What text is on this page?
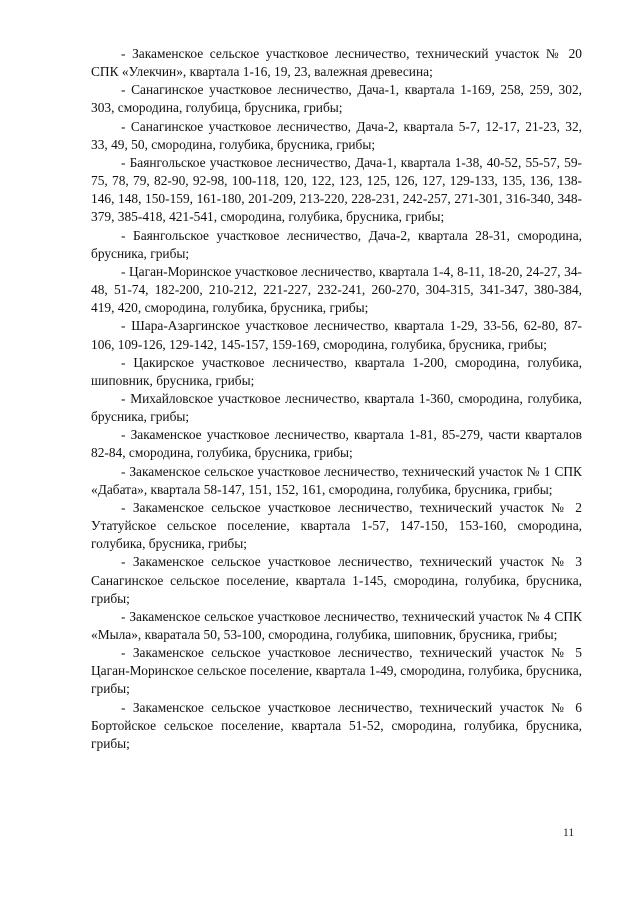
- Закаменское сельское участковое лесничество, технический участок № 20 СПК «Улекчин», квартала 1-16, 19, 23, валежная древесина;

- Санагинское участковое лесничество, Дача-1, квартала 1-169, 258, 259, 302, 303, смородина, голубица, брусника, грибы;

- Санагинское участковое лесничество, Дача-2, квартала 5-7, 12-17, 21-23, 32, 33, 49, 50, смородина, голубика, брусника, грибы;

- Баянгольское участковое лесничество, Дача-1, квартала 1-38, 40-52, 55-57, 59-75, 78, 79, 82-90, 92-98, 100-118, 120, 122, 123, 125, 126, 127, 129-133, 135, 136, 138-146, 148, 150-159, 161-180, 201-209, 213-220, 228-231, 242-257, 271-301, 316-340, 348-379, 385-418, 421-541, смородина, голубика, брусника, грибы;

- Баянгольское участковое лесничество, Дача-2, квартала 28-31, смородина, брусника, грибы;

- Цаган-Моринское участковое лесничество, квартала 1-4, 8-11, 18-20, 24-27, 34-48, 51-74, 182-200, 210-212, 221-227, 232-241, 260-270, 304-315, 341-347, 380-384, 419, 420, смородина, голубика, брусника, грибы;

- Шара-Азаргинское участковое лесничество, квартала 1-29, 33-56, 62-80, 87-106, 109-126, 129-142, 145-157, 159-169, смородина, голубика, брусника, грибы;

- Цакирское участковое лесничество, квартала 1-200, смородина, голубика, шиповник, брусника, грибы;

- Михайловское участковое лесничество, квартала 1-360, смородина, голубика, брусника, грибы;

- Закаменское участковое лесничество, квартала 1-81, 85-279, части кварталов 82-84, смородина, голубика, брусника, грибы;

- Закаменское сельское участковое лесничество, технический участок № 1 СПК «Дабата», квартала 58-147, 151, 152, 161, смородина, голубика, брусника, грибы;

- Закаменское сельское участковое лесничество, технический участок № 2 Утатуйское сельское поселение, квартала 1-57, 147-150, 153-160, смородина, голубика, брусника, грибы;

- Закаменское сельское участковое лесничество, технический участок № 3 Санагинское сельское поселение, квартала 1-145, смородина, голубика, брусника, грибы;

- Закаменское сельское участковое лесничество, технический участок № 4 СПК «Мыла», кваратала 50, 53-100, смородина, голубика, шиповник, брусника, грибы;

- Закаменское сельское участковое лесничество, технический участок № 5 Цаган-Моринское сельское поселение, квартала 1-49, смородина, голубика, брусника, грибы;

- Закаменское сельское участковое лесничество, технический участок № 6 Бортойское сельское поселение, квартала 51-52, смородина, голубика, брусника, грибы;

11
